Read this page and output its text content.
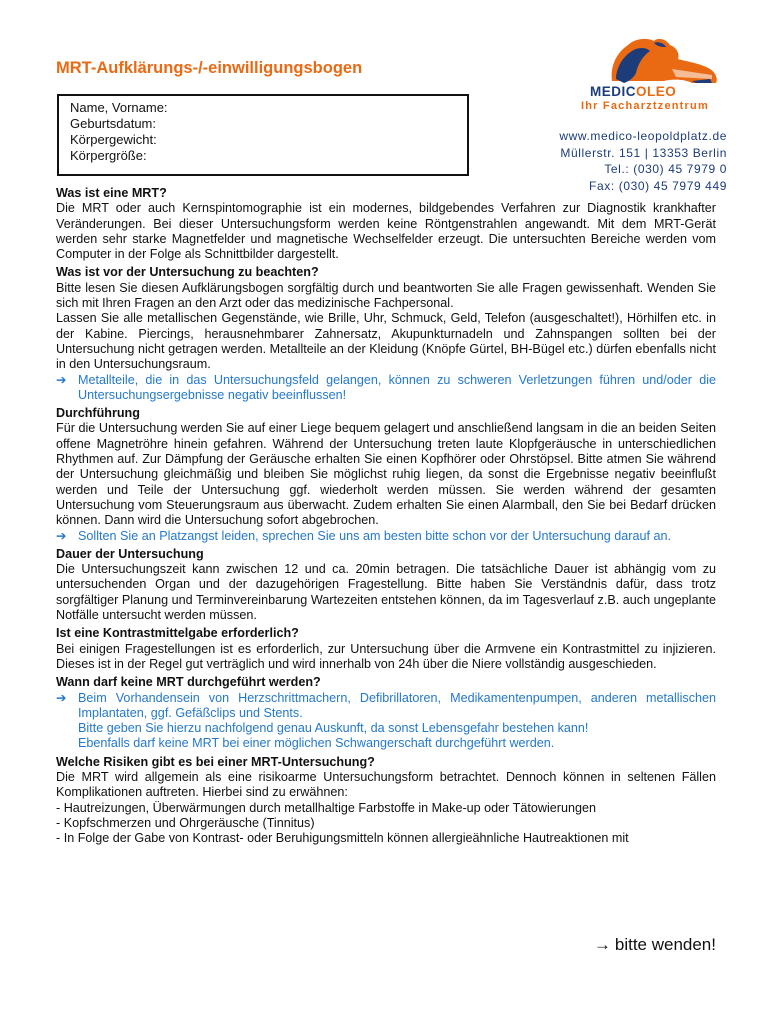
MRT-Aufklärungs-/-einwilligungsbogen
Name, Vorname:
Geburtsdatum:
Körpergewicht:
Körpergröße:
MEDICOLEO
Ihr Facharztzentrum
www.medico-leopoldplatz.de
Müllerstr. 151 | 13353 Berlin
Tel.: (030) 45 7979 0
Fax: (030) 45 7979 449
Was ist eine MRT?

Die MRT oder auch Kernspintomographie ist ein modernes, bildgebendes Verfahren zur Diagnostik krankhafter Veränderungen. Bei dieser Untersuchungsform werden keine Röntgenstrahlen angewandt. Mit dem MRT-Gerät werden sehr starke Magnetfelder und magnetische Wechselfelder erzeugt. Die untersuchten Bereiche werden vom Computer in der Folge als Schnittbilder dargestellt.

Was ist vor der Untersuchung zu beachten?

Bitte lesen Sie diesen Aufklärungsbogen sorgfältig durch und beantworten Sie alle Fragen gewissenhaft. Wenden Sie sich mit Ihren Fragen an den Arzt oder das medizinische Fachpersonal.

Lassen Sie alle metallischen Gegenstände, wie Brille, Uhr, Schmuck, Geld, Telefon (ausgeschaltet!), Hörhilfen etc. in der Kabine. Piercings, herausnehmbarer Zahnersatz, Akupunkturnadeln und Zahnspangen sollten bei der Untersuchung nicht getragen werden. Metallteile an der Kleidung (Knöpfe Gürtel, BH-Bügel etc.) dürfen ebenfalls nicht in den Untersuchungsraum.

➔ Metallteile, die in das Untersuchungsfeld gelangen, können zu schweren Verletzungen führen und/oder die Untersuchungsergebnisse negativ beeinflussen!
Durchführung

Für die Untersuchung werden Sie auf einer Liege bequem gelagert und anschließend langsam in die an beiden Seiten offene Magnetröhre hinein gefahren. Während der Untersuchung treten laute Klopfgeräusche in unterschiedlichen Rhythmen auf. Zur Dämpfung der Geräusche erhalten Sie einen Kopfhörer oder Ohrstöpsel. Bitte atmen Sie während der Untersuchung gleichmäßig und bleiben Sie möglichst ruhig liegen, da sonst die Ergebnisse negativ beeinflußt werden und Teile der Untersuchung ggf. wiederholt werden müssen. Sie werden während der gesamten Untersuchung vom Steuerungsraum aus überwacht. Zudem erhalten Sie einen Alarmball, den Sie bei Bedarf drücken können. Dann wird die Untersuchung sofort abgebrochen.

➔ Sollten Sie an Platzangst leiden, sprechen Sie uns am besten bitte schon vor der Untersuchung darauf an.
Dauer der Untersuchung

Die Untersuchungszeit kann zwischen 12 und ca. 20min betragen. Die tatsächliche Dauer ist abhängig vom zu untersuchenden Organ und der dazugehörigen Fragestellung. Bitte haben Sie Verständnis dafür, dass trotz sorgfältiger Planung und Terminvereinbarung Wartezeiten entstehen können, da im Tagesverlauf z.B. auch ungeplante Notfälle untersucht werden müssen.

Ist eine Kontrastmittelgabe erforderlich?

Bei einigen Fragestellungen ist es erforderlich, zur Untersuchung über die Armvene ein Kontrastmittel zu injizieren. Dieses ist in der Regel gut verträglich und wird innerhalb von 24h über die Niere vollständig ausgeschieden.

Wann darf keine MRT durchgeführt werden?
➔ Beim Vorhandensein von Herzschrittmachern, Defibrillatoren, Medikamentenpumpen, anderen metallischen Implantaten, ggf. Gefäßclips und Stents.
Bitte geben Sie hierzu nachfolgend genau Auskunft, da sonst Lebensgefahr bestehen kann!
Ebenfalls darf keine MRT bei einer möglichen Schwangerschaft durchgeführt werden.
Welche Risiken gibt es bei einer MRT-Untersuchung?

Die MRT wird allgemein als eine risikoarme Untersuchungsform betrachtet. Dennoch können in seltenen Fällen Komplikationen auftreten. Hierbei sind zu erwähnen:

- Hautreizungen, Überwärmungen durch metallhaltige Farbstoffe in Make-up oder Tätowierungen

- Kopfschmerzen und Ohrgeräusche (Tinnitus)

- In Folge der Gabe von Kontrast- oder Beruhigungsmitteln können allergieähnliche Hautreaktionen mit

→ bitte wenden!
